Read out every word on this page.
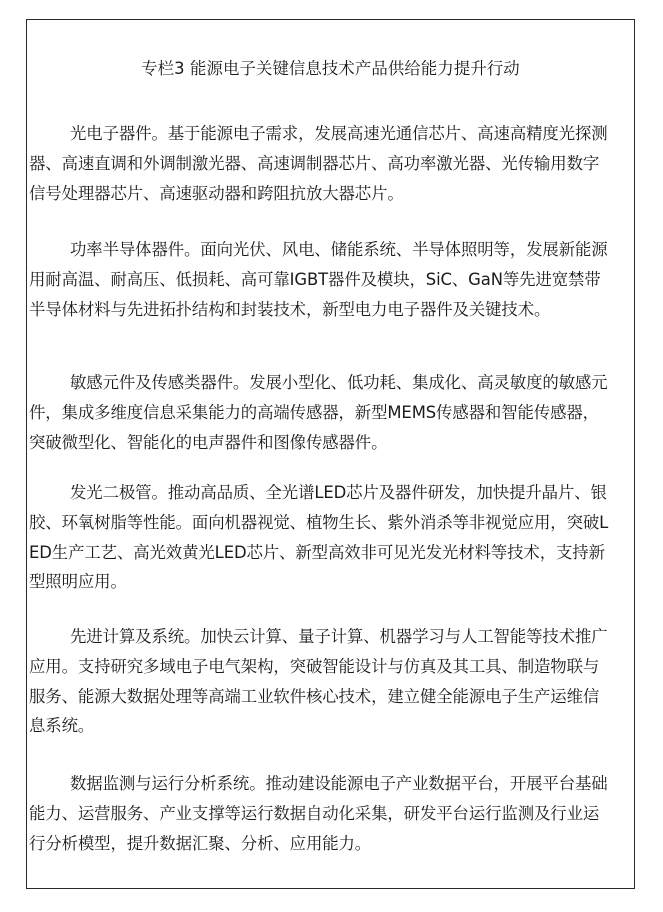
专栏3 能源电子关键信息技术产品供给能力提升行动
光电子器件。基于能源电子需求，发展高速光通信芯片、高速高精度光探测
器、高速直调和外调制激光器、高速调制器芯片、高功率激光器、光传输用数字
信号处理器芯片、高速驱动器和跨阻抗放大器芯片。
功率半导体器件。面向光伏、风电、储能系统、半导体照明等，发展新能源
用耐高温、耐高压、低损耗、高可靠IGBT器件及模块，SiC、GaN等先进宽禁带
半导体材料与先进拓扑结构和封装技术，新型电力电子器件及关键技术。
敏感元件及传感类器件。发展小型化、低功耗、集成化、高灵敏度的敏感元
件，集成多维度信息采集能力的高端传感器，新型MEMS传感器和智能传感器，
突破微型化、智能化的电声器件和图像传感器件。
发光二极管。推动高品质、全光谱LED芯片及器件研发，加快提升晶片、银
胶、环氧树脂等性能。面向机器视觉、植物生长、紫外消杀等非视觉应用，突破L
ED生产工艺、高光效黄光LED芯片、新型高效非可见光发光材料等技术，支持新
型照明应用。
先进计算及系统。加快云计算、量子计算、机器学习与人工智能等技术推广
应用。支持研究多域电子电气架构，突破智能设计与仿真及其工具、制造物联与
服务、能源大数据处理等高端工业软件核心技术，建立健全能源电子生产运维信
息系统。
数据监测与运行分析系统。推动建设能源电子产业数据平台，开展平台基础
能力、运营服务、产业支撑等运行数据自动化采集，研发平台运行监测及行业运
行分析模型，提升数据汇聚、分析、应用能力。
